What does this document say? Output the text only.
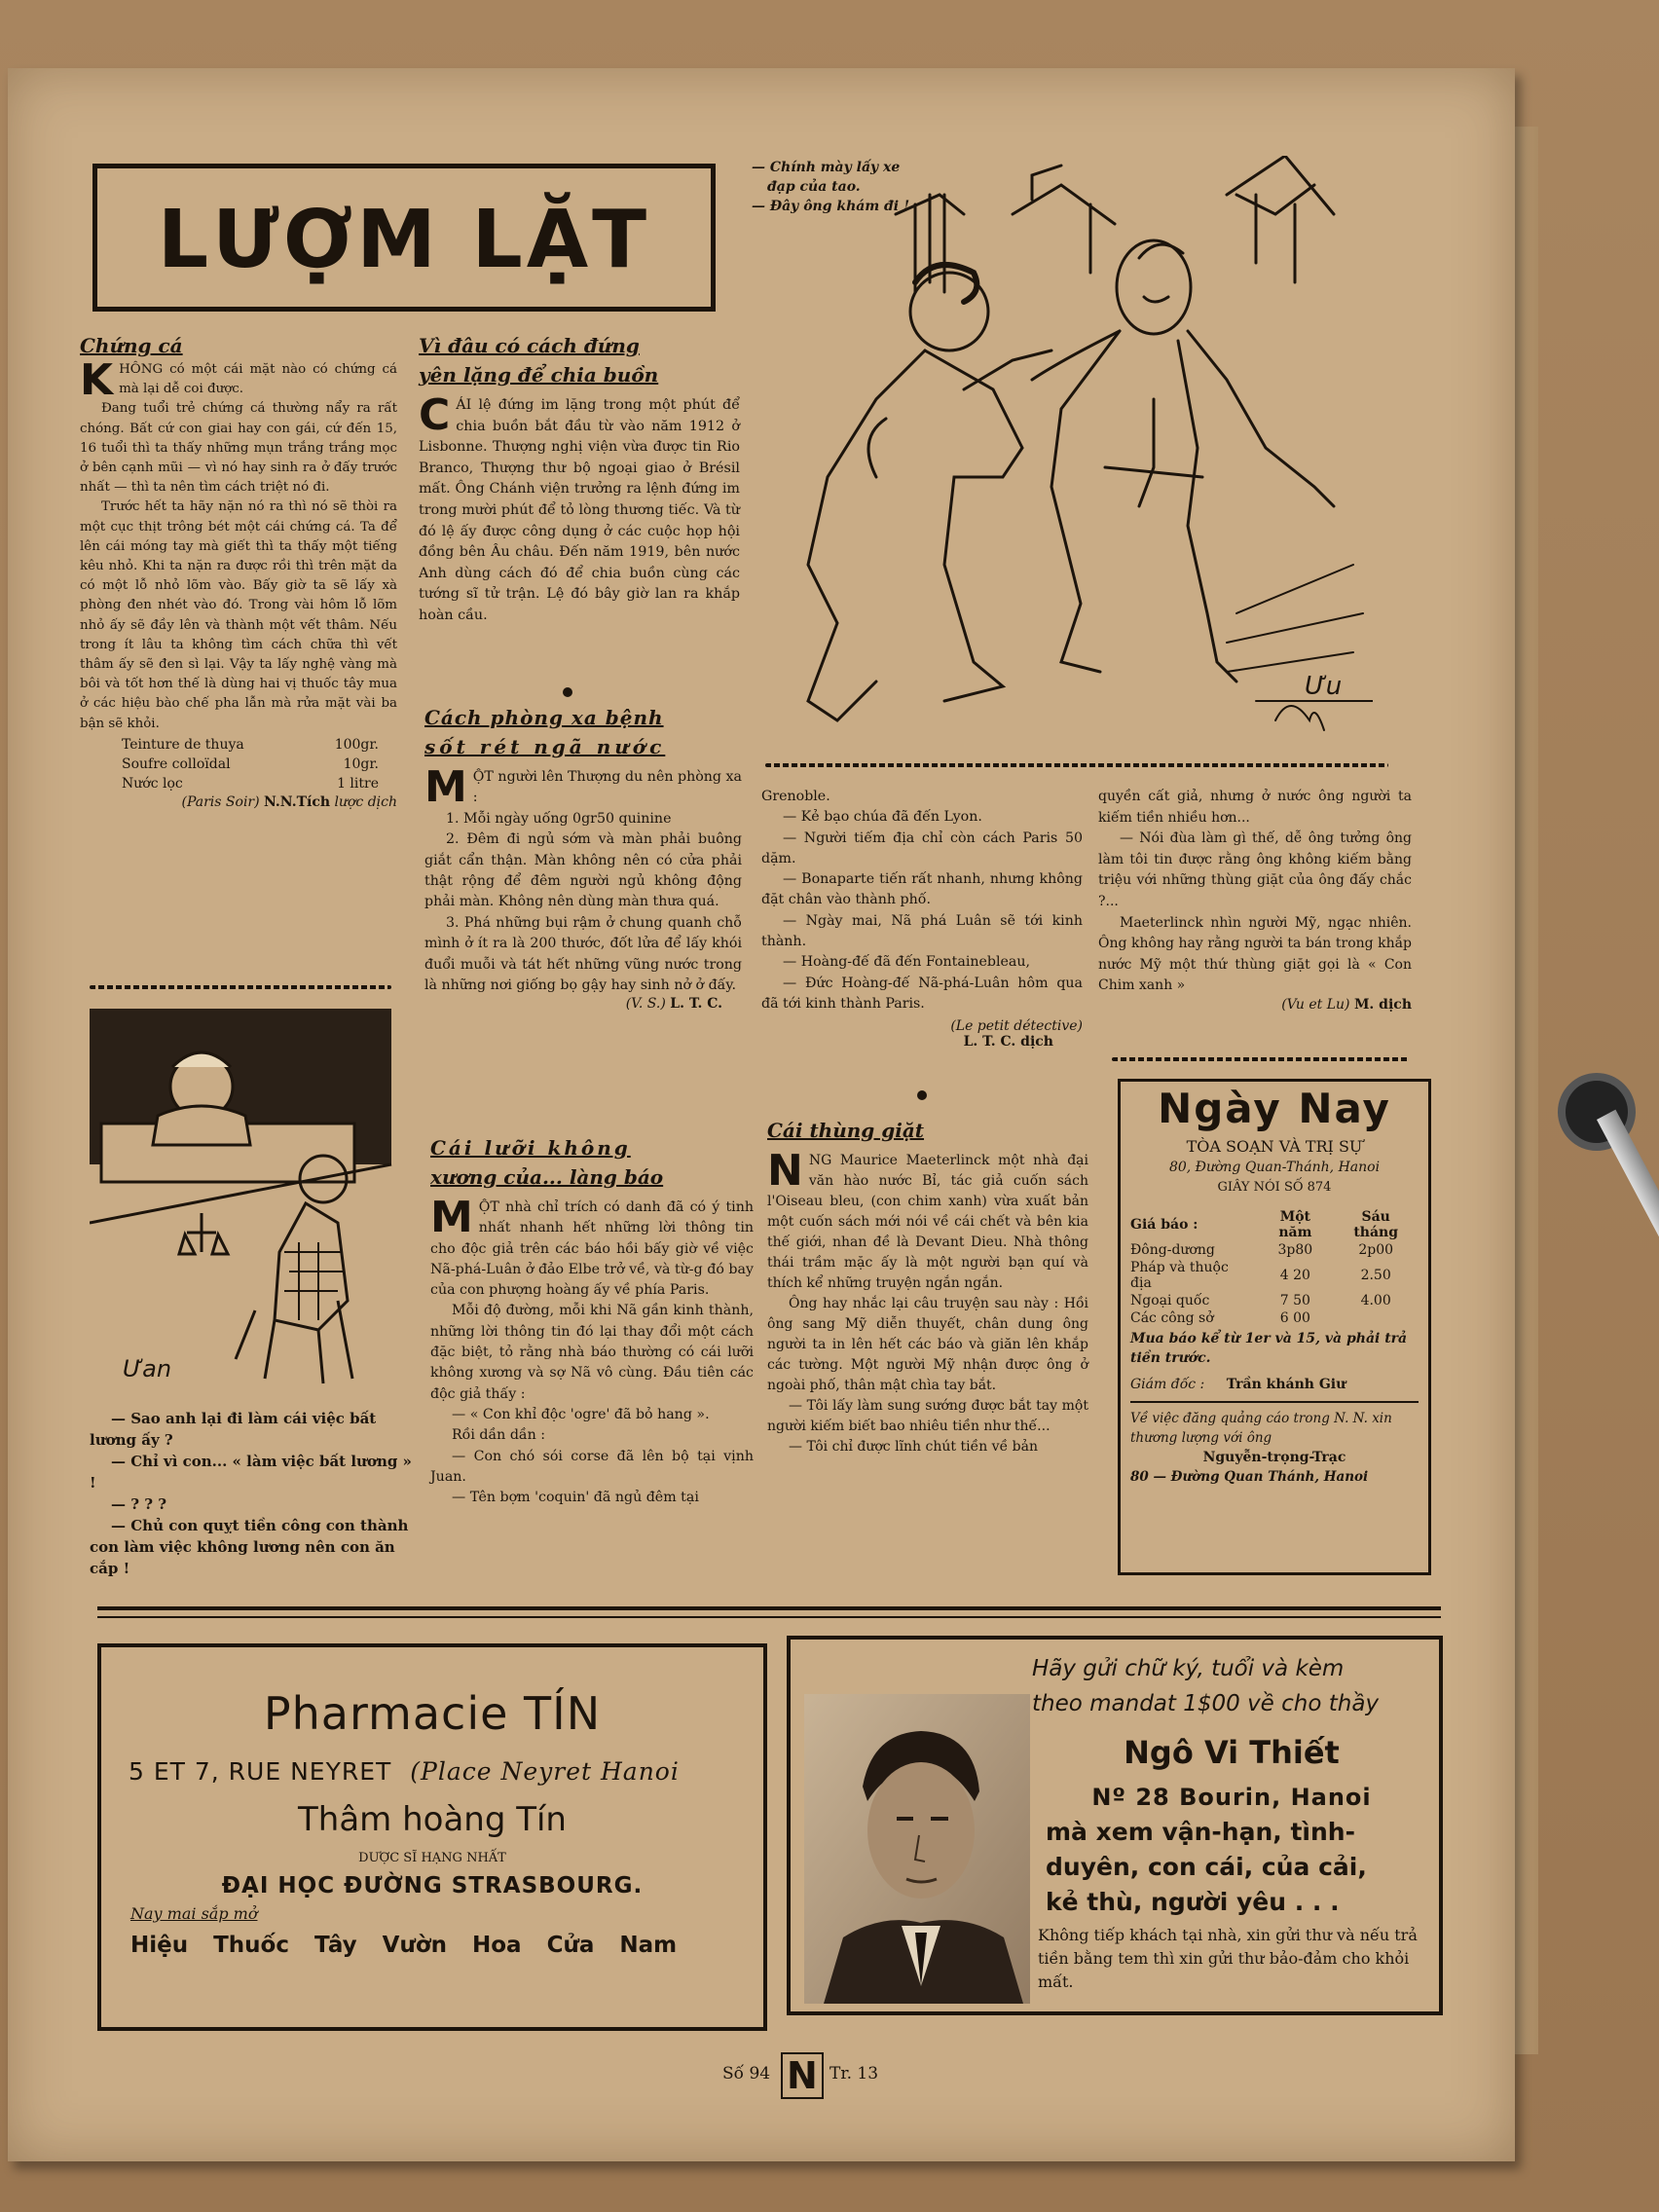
LƯỢM LẶT
— Chính mày lấy xe
đạp của tao.
— Đây ông khám đi !
Ưu
Chứng cá
K HÔNG có một cái mặt nào có chứng cá mà lại dễ coi được.

Đang tuổi trẻ chứng cá thường nẩy ra rất chóng. Bất cứ con giai hay con gái, cứ đến 15, 16 tuổi thì ta thấy những mụn trắng trắng mọc ở bên cạnh mũi — vì nó hay sinh ra ở đấy trước nhất — thì ta nên tìm cách triệt nó đi.

Trước hết ta hãy nặn nó ra thì nó sẽ thòi ra một cục thịt trông bét một cái chứng cá. Ta để lên cái móng tay mà giết thì ta thấy một tiếng kêu nhỏ. Khi ta nặn ra được rồi thì trên mặt da có một lỗ nhỏ lõm vào. Bấy giờ ta sẽ lấy xà phòng đen nhét vào đó. Trong vài hôm lỗ lõm nhỏ ấy sẽ đầy lên và thành một vết thâm. Nếu trong ít lâu ta không tìm cách chữa thì vết thâm ấy sẽ đen sì lại. Vậy ta lấy nghệ vàng mà bôi và tốt hơn thế là dùng hai vị thuốc tây mua ở các hiệu bào chế pha lẫn mà rửa mặt vài ba bận sẽ khỏi.

Teinture de thuya	100gr.
Soufre colloïdal	10gr.
Nước lọc	1 litre
(Paris Soir) N.N.Tích lược dịch
Ưan
— Sao anh lại đi làm cái việc bất lương ấy ?
— Chỉ vì con... « làm việc bất lương » !
— ? ? ?
— Chủ con quỵt tiền công con thành con làm việc không lương nên con ăn cắp !
Vì đâu có cách đứng
yên lặng để chia buồn
C ÁI lệ đứng im lặng trong một phút để chia buồn bắt đầu từ vào năm 1912 ở Lisbonne. Thượng nghị viện vừa được tin Rio Branco, Thượng thư bộ ngoại giao ở Brésil mất. Ông Chánh viện trưởng ra lệnh đứng im trong mười phút để tỏ lòng thương tiếc. Và từ đó lệ ấy được công dụng ở các cuộc họp hội đồng bên Âu châu. Đến năm 1919, bên nước Anh dùng cách đó để chia buồn cùng các tướng sĩ tử trận. Lệ đó bây giờ lan ra khắp hoàn cầu.
Cách phòng xa bệnh
sốt rét ngã nước
M ỘT người lên Thượng du nên phòng xa :

1. Mỗi ngày uống 0gr50 quinine

2. Đêm đi ngủ sớm và màn phải buông giắt cẩn thận. Màn không nên có cửa phải thật rộng để đêm người ngủ không động phải màn. Không nên dùng màn thưa quá.

3. Phá những bụi rậm ở chung quanh chỗ mình ở ít ra là 200 thước, đốt lửa để lấy khói đuổi muỗi và tát hết những vũng nước trong là những nơi giống bọ gậy hay sinh nở ở đấy.

(V. S.) L. T. C.
Cái lưỡi không
xương của... làng báo
M ỘT nhà chỉ trích có danh đã có ý tinh nhất nhanh hết những lời thông tin cho độc giả trên các báo hồi bấy giờ về việc Nã-phá-Luân ở đảo Elbe trở về, và từ-g đó bay của con phượng hoàng ấy về phía Paris.

Mỗi độ đường, mỗi khi Nã gần kinh thành, những lời thông tin đó lại thay đổi một cách đặc biệt, tỏ rằng nhà báo thường có cái lưỡi không xương và sợ Nã vô cùng. Đầu tiên các độc giả thấy :

— « Con khỉ độc 'ogre' đã bỏ hang ».

Rồi dần dần :

— Con chó sói corse đã lên bộ tại vịnh Juan.

— Tên bợm 'coquin' đã ngủ đêm tại

Grenoble.

— Kẻ bạo chúa đã đến Lyon.

— Người tiếm địa chỉ còn cách Paris 50 dặm.

— Bonaparte tiến rất nhanh, nhưng không đặt chân vào thành phố.

— Ngày mai, Nã phá Luân sẽ tới kinh thành.

— Hoàng-đế đã đến Fontainebleau,

— Đức Hoàng-đế Nã-phá-Luân hôm qua đã tới kinh thành Paris.

(Le petit détective)
L. T. C. dịch
Cái thùng giặt
N NG Maurice Maeterlinck một nhà đại văn hào nước Bỉ, tác giả cuốn sách l'Oiseau bleu, (con chim xanh) vừa xuất bản một cuốn sách mới nói về cái chết và bên kia thế giới, nhan đề là Devant Dieu. Nhà thông thái trầm mặc ấy là một người bạn quí và thích kể những truyện ngắn ngắn.

Ông hay nhắc lại câu truyện sau này : Hồi ông sang Mỹ diễn thuyết, chân dung ông người ta in lên hết các báo và giăn lên khắp các tường. Một người Mỹ nhận được ông ở ngoài phố, thân mật chìa tay bắt.

— Tôi lấy làm sung sướng được bắt tay một người kiếm biết bao nhiêu tiền như thế...

— Tôi chỉ được lĩnh chút tiền về bản

quyền cất giả, nhưng ở nước ông người ta kiếm tiền nhiều hơn...

— Nói đùa làm gì thế, dễ ông tưởng ông làm tôi tin được rằng ông không kiếm bằng triệu với những thùng giặt của ông đấy chắc ?...

Maeterlinck nhìn người Mỹ, ngạc nhiên. Ông không hay rằng người ta bán trong khắp nước Mỹ một thứ thùng giặt gọi là « Con Chim xanh »

(Vu et Lu) M. dịch
Ngày Nay
TÒA SOẠN VÀ TRỊ SỰ
80, Đường Quan-Thánh, Hanoi
GIÂY NÓI SỐ 874
Giá báo :	Một năm	Sáu tháng
Đông-dương	3p80	2p00
Pháp và thuộc địa	4 20	2.50
Ngoại quốc	7 50	4.00
Các công sở	6 00	
Mua báo kể từ 1er và 15, và phải trả tiền trước.
Giám đốc : Trần khánh Giư
Về việc đăng quảng cáo trong N. N. xin thương lượng với ông
Nguyễn-trọng-Trạc
80 — Đường Quan Thánh, Hanoi
Pharmacie TÍN
5 ET 7, RUE NEYRET (Place Neyret Hanoi
Thâm hoàng Tín
DƯỢC SĨ HẠNG NHẤT
ĐẠI HỌC ĐƯỜNG STRASBOURG.
Nay mai sắp mở
Hiệu Thuốc Tây Vườn Hoa Cửa Nam
Hãy gửi chữ ký, tuổi và kèm
theo mandat 1$00 về cho thầy
Ngô Vi Thiết
Nº 28 Bourin, Hanoi
mà xem vận-hạn, tình-
duyên, con cái, của cải,
kẻ thù, người yêu . . .
Không tiếp khách tại nhà, xin gửi thư và nếu trả tiền bằng tem thì xin gửi thư bảo-đảm cho khỏi mất.
Số 94 N Tr. 13
